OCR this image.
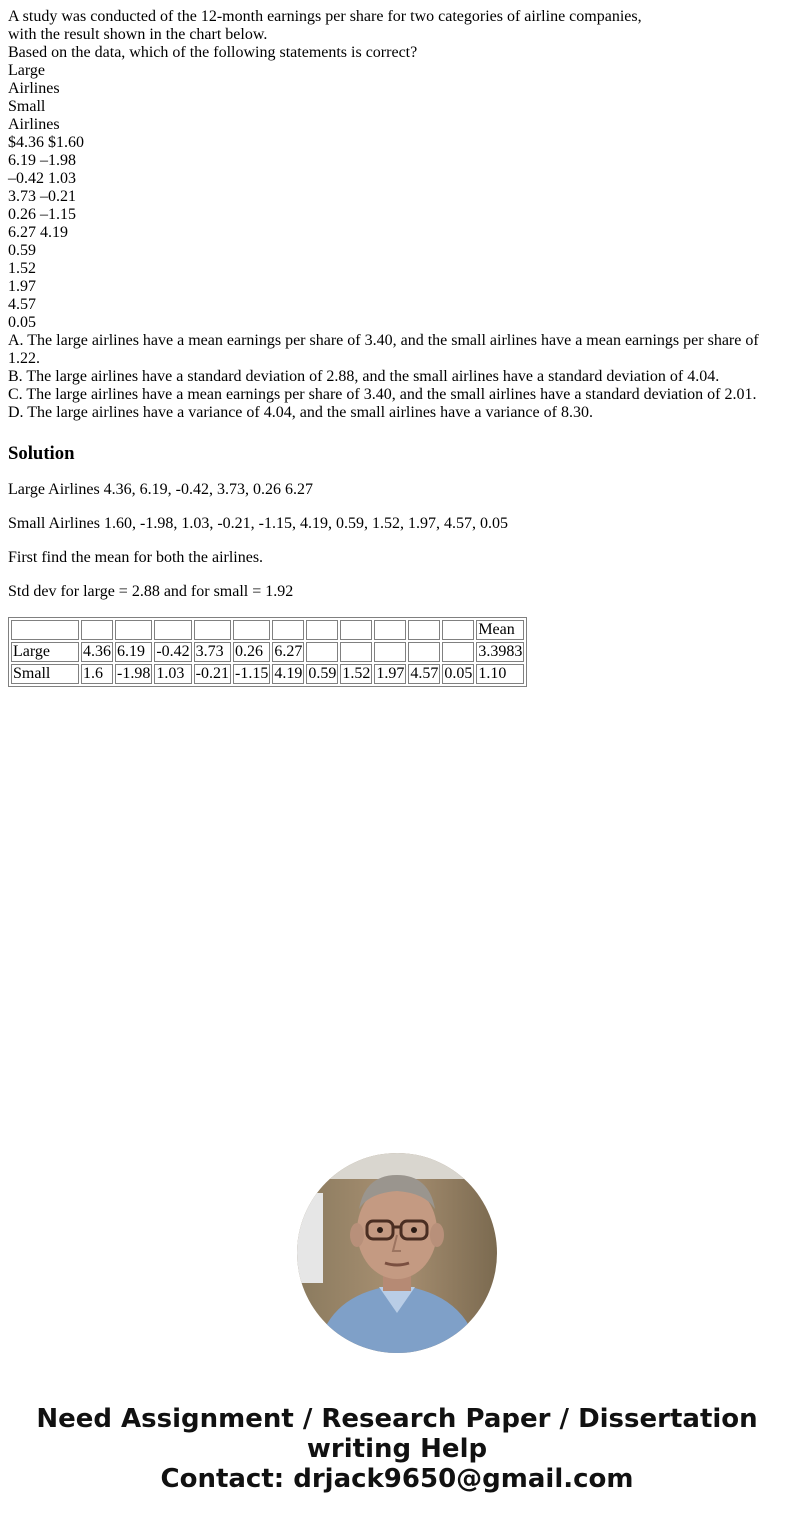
A study was conducted of the 12-month earnings per share for two categories of airline companies,
with the result shown in the chart below.
Based on the data, which of the following statements is correct?
Large
Airlines
Small
Airlines
$4.36 $1.60
6.19 –1.98
–0.42 1.03
3.73 –0.21
0.26 –1.15
6.27 4.19
0.59
1.52
1.97
4.57
0.05
A. The large airlines have a mean earnings per share of 3.40, and the small airlines have a mean earnings per share of 1.22.
B. The large airlines have a standard deviation of 2.88, and the small airlines have a standard deviation of 4.04.
C. The large airlines have a mean earnings per share of 3.40, and the small airlines have a standard deviation of 2.01.
D. The large airlines have a variance of 4.04, and the small airlines have a variance of 8.30.
Solution

Large Airlines 4.36, 6.19, -0.42, 3.73, 0.26 6.27

Small Airlines 1.60, -1.98, 1.03, -0.21, -1.15, 4.19, 0.59, 1.52, 1.97, 4.57, 0.05

First find the mean for both the airlines.

Std dev for large = 2.88 and for small = 1.92

												Mean
Large	4.36	6.19	-0.42	3.73	0.26	6.27						3.3983
Small	1.6	-1.98	1.03	-0.21	-1.15	4.19	0.59	1.52	1.97	4.57	0.05	1.10
Need Assignment / Research Paper / Dissertation
writing Help
Contact: drjack9650@gmail.com
